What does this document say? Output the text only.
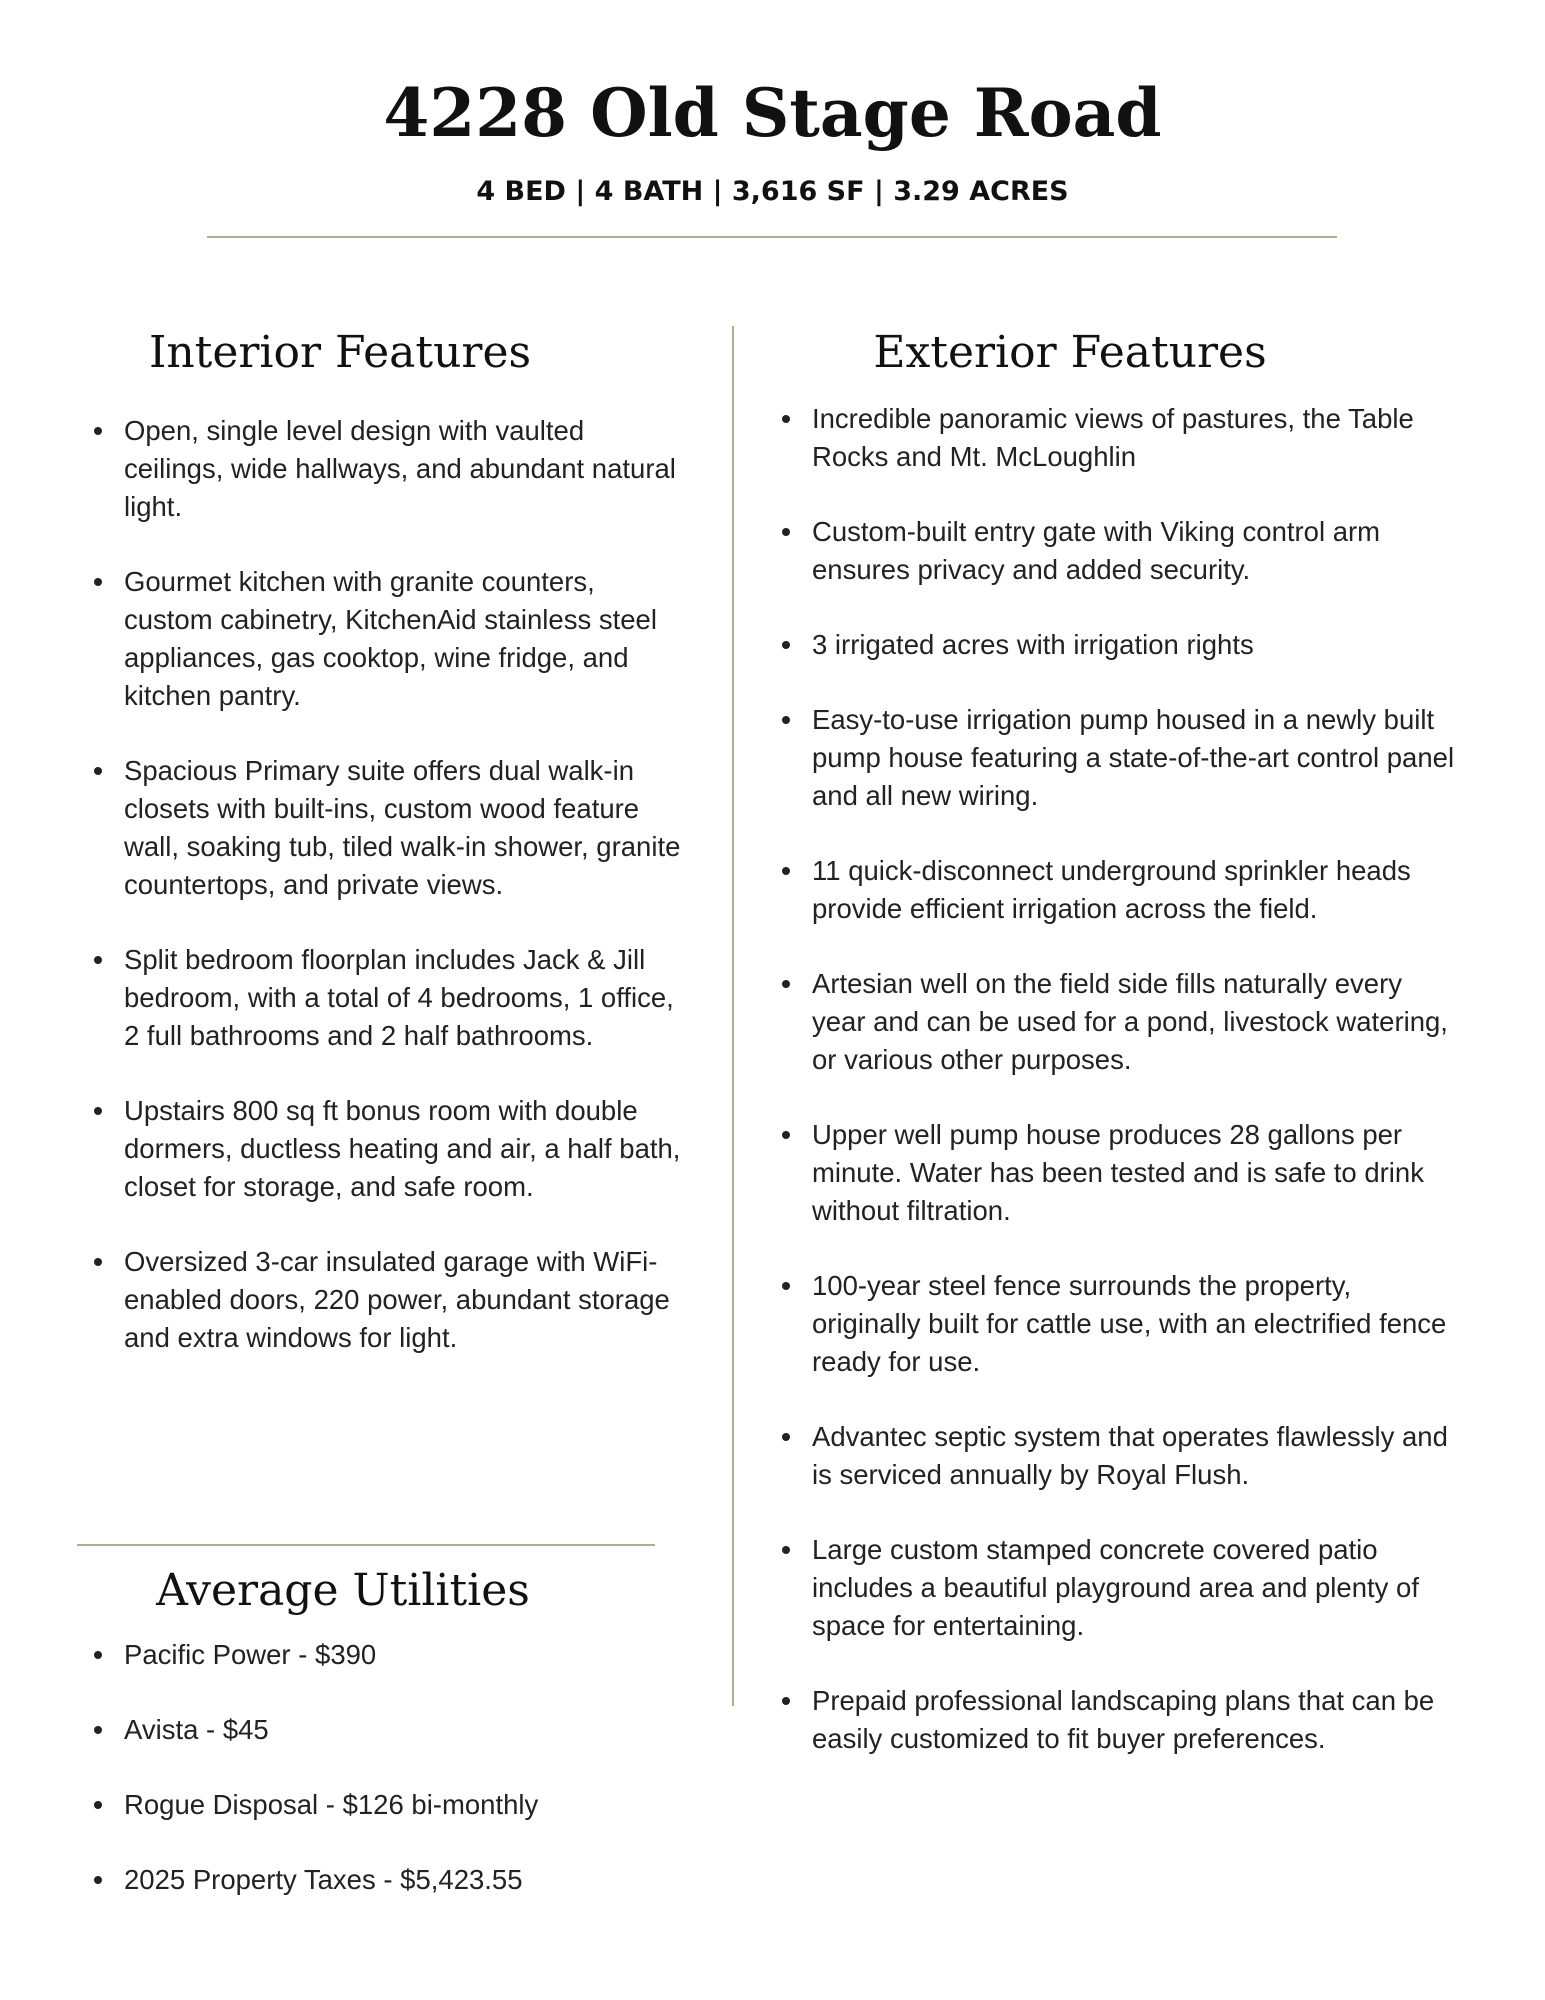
4228 Old Stage Road
4 BED | 4 BATH | 3,616 SF | 3.29 ACRES
Interior Features
Open, single level design with vaulted ceilings, wide hallways, and abundant natural light.
Gourmet kitchen with granite counters, custom cabinetry, KitchenAid stainless steel appliances, gas cooktop, wine fridge, and kitchen pantry.
Spacious Primary suite offers dual walk-in closets with built-ins, custom wood feature wall, soaking tub, tiled walk-in shower, granite countertops, and private views.
Split bedroom floorplan includes Jack & Jill bedroom, with a total of 4 bedrooms, 1 office, 2 full bathrooms and 2 half bathrooms.
Upstairs 800 sq ft bonus room with double dormers, ductless heating and air, a half bath, closet for storage, and safe room.
Oversized 3-car insulated garage with WiFi-enabled doors, 220 power, abundant storage and extra windows for light.
Average Utilities
Pacific Power - $390
Avista - $45
Rogue Disposal - $126 bi-monthly
2025 Property Taxes - $5,423.55
Exterior Features
Incredible panoramic views of pastures, the Table Rocks and Mt. McLoughlin
Custom-built entry gate with Viking control arm ensures privacy and added security.
3 irrigated acres with irrigation rights
Easy-to-use irrigation pump housed in a newly built pump house featuring a state-of-the-art control panel and all new wiring.
11 quick-disconnect underground sprinkler heads provide efficient irrigation across the field.
Artesian well on the field side fills naturally every year and can be used for a pond, livestock watering, or various other purposes.
Upper well pump house produces 28 gallons per minute. Water has been tested and is safe to drink without filtration.
100-year steel fence surrounds the property, originally built for cattle use, with an electrified fence ready for use.
Advantec septic system that operates flawlessly and is serviced annually by Royal Flush.
Large custom stamped concrete covered patio includes a beautiful playground area and plenty of space for entertaining.
Prepaid professional landscaping plans that can be easily customized to fit buyer preferences.
